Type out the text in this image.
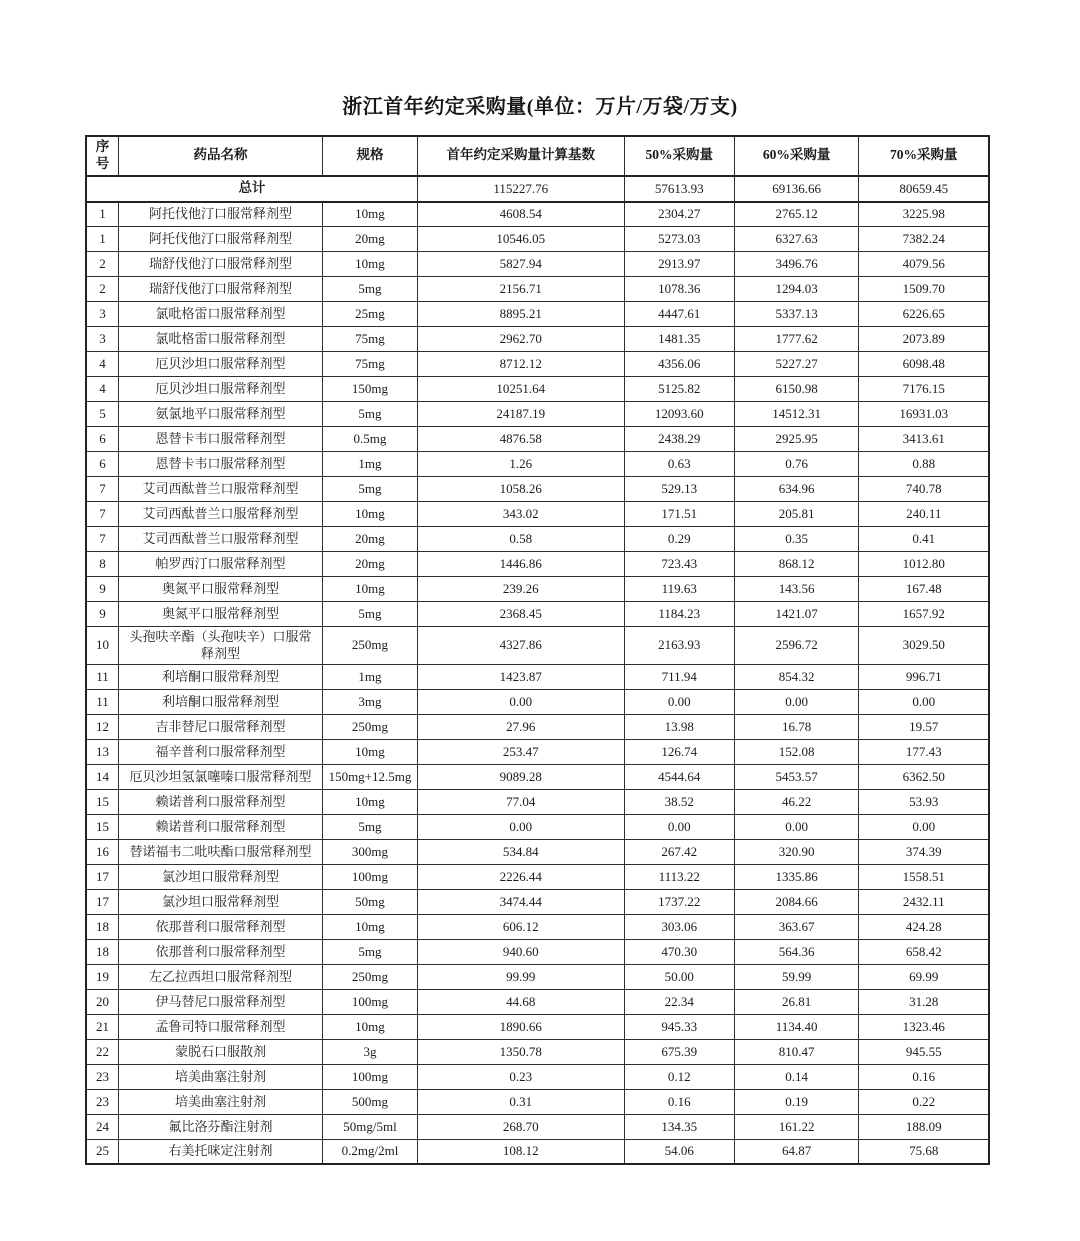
浙江首年约定采购量(单位：万片/万袋/万支)
序号	药品名称	规格	首年约定采购量计算基数	50%采购量	60%采购量	70%采购量
总计			115227.76	57613.93	69136.66	80659.45
1	阿托伐他汀口服常释剂型	10mg	4608.54	2304.27	2765.12	3225.98
1	阿托伐他汀口服常释剂型	20mg	10546.05	5273.03	6327.63	7382.24
2	瑞舒伐他汀口服常释剂型	10mg	5827.94	2913.97	3496.76	4079.56
2	瑞舒伐他汀口服常释剂型	5mg	2156.71	1078.36	1294.03	1509.70
3	氯吡格雷口服常释剂型	25mg	8895.21	4447.61	5337.13	6226.65
3	氯吡格雷口服常释剂型	75mg	2962.70	1481.35	1777.62	2073.89
4	厄贝沙坦口服常释剂型	75mg	8712.12	4356.06	5227.27	6098.48
4	厄贝沙坦口服常释剂型	150mg	10251.64	5125.82	6150.98	7176.15
5	氨氯地平口服常释剂型	5mg	24187.19	12093.60	14512.31	16931.03
6	恩替卡韦口服常释剂型	0.5mg	4876.58	2438.29	2925.95	3413.61
6	恩替卡韦口服常释剂型	1mg	1.26	0.63	0.76	0.88
7	艾司西酞普兰口服常释剂型	5mg	1058.26	529.13	634.96	740.78
7	艾司西酞普兰口服常释剂型	10mg	343.02	171.51	205.81	240.11
7	艾司西酞普兰口服常释剂型	20mg	0.58	0.29	0.35	0.41
8	帕罗西汀口服常释剂型	20mg	1446.86	723.43	868.12	1012.80
9	奥氮平口服常释剂型	10mg	239.26	119.63	143.56	167.48
9	奥氮平口服常释剂型	5mg	2368.45	1184.23	1421.07	1657.92
10	头孢呋辛酯（头孢呋辛）口服常释剂型	250mg	4327.86	2163.93	2596.72	3029.50
11	利培酮口服常释剂型	1mg	1423.87	711.94	854.32	996.71
11	利培酮口服常释剂型	3mg	0.00	0.00	0.00	0.00
12	吉非替尼口服常释剂型	250mg	27.96	13.98	16.78	19.57
13	福辛普利口服常释剂型	10mg	253.47	126.74	152.08	177.43
14	厄贝沙坦氢氯噻嗪口服常释剂型	150mg+12.5mg	9089.28	4544.64	5453.57	6362.50
15	赖诺普利口服常释剂型	10mg	77.04	38.52	46.22	53.93
15	赖诺普利口服常释剂型	5mg	0.00	0.00	0.00	0.00
16	替诺福韦二吡呋酯口服常释剂型	300mg	534.84	267.42	320.90	374.39
17	氯沙坦口服常释剂型	100mg	2226.44	1113.22	1335.86	1558.51
17	氯沙坦口服常释剂型	50mg	3474.44	1737.22	2084.66	2432.11
18	依那普利口服常释剂型	10mg	606.12	303.06	363.67	424.28
18	依那普利口服常释剂型	5mg	940.60	470.30	564.36	658.42
19	左乙拉西坦口服常释剂型	250mg	99.99	50.00	59.99	69.99
20	伊马替尼口服常释剂型	100mg	44.68	22.34	26.81	31.28
21	孟鲁司特口服常释剂型	10mg	1890.66	945.33	1134.40	1323.46
22	蒙脱石口服散剂	3g	1350.78	675.39	810.47	945.55
23	培美曲塞注射剂	100mg	0.23	0.12	0.14	0.16
23	培美曲塞注射剂	500mg	0.31	0.16	0.19	0.22
24	氟比洛芬酯注射剂	50mg/5ml	268.70	134.35	161.22	188.09
25	右美托咪定注射剂	0.2mg/2ml	108.12	54.06	64.87	75.68
